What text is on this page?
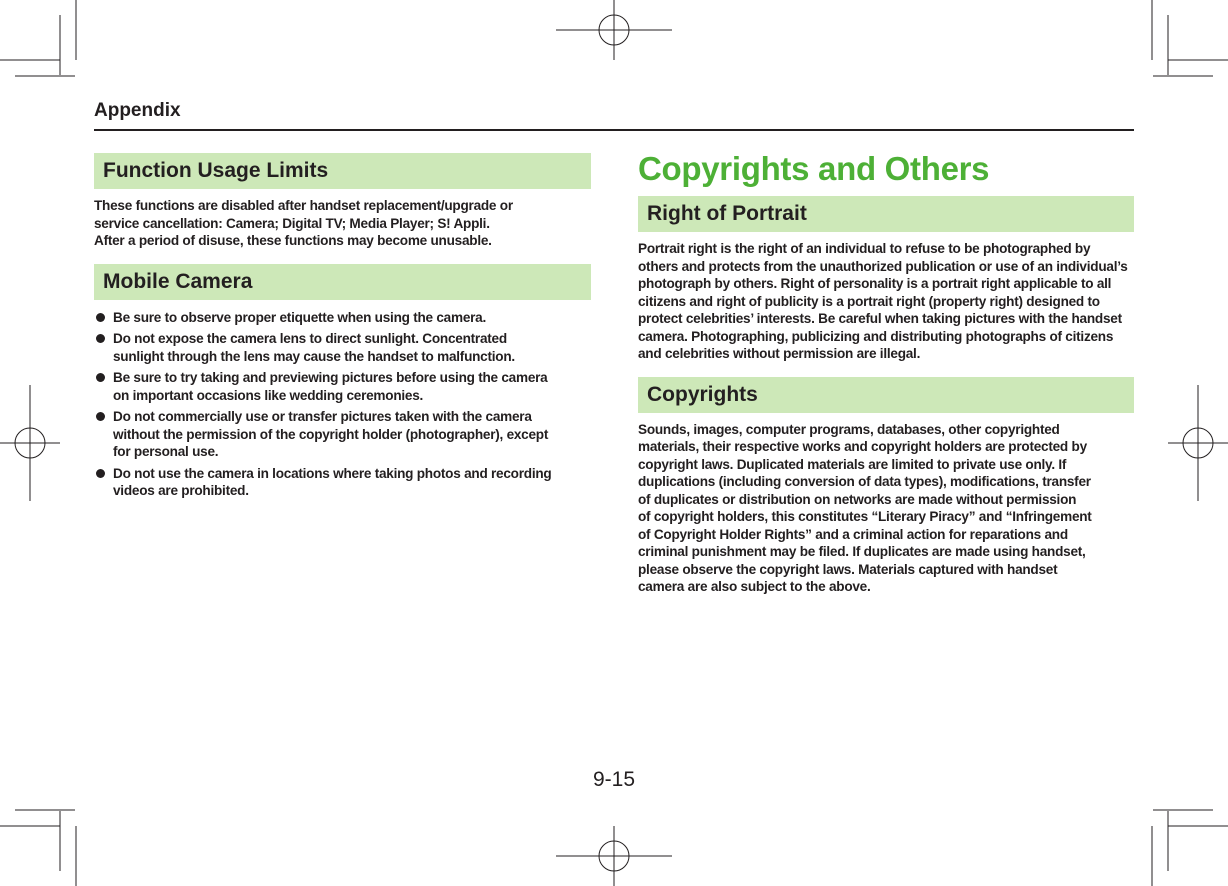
Appendix
Function Usage Limits

These functions are disabled after handset replacement/upgrade or
service cancellation: Camera; Digital TV; Media Player; S! Appli.
After a period of disuse, these functions may become unusable.

Mobile Camera
Be sure to observe proper etiquette when using the camera.
Do not expose the camera lens to direct sunlight. Concentrated
sunlight through the lens may cause the handset to malfunction.
Be sure to try taking and previewing pictures before using the camera
on important occasions like wedding ceremonies.
Do not commercially use or transfer pictures taken with the camera
without the permission of the copyright holder (photographer), except
for personal use.
Do not use the camera in locations where taking photos and recording
videos are prohibited.
Copyrights and Others
Right of Portrait

Portrait right is the right of an individual to refuse to be photographed by
others and protects from the unauthorized publication or use of an individual’s
photograph by others. Right of personality is a portrait right applicable to all
citizens and right of publicity is a portrait right (property right) designed to
protect celebrities’ interests. Be careful when taking pictures with the handset
camera. Photographing, publicizing and distributing photographs of citizens
and celebrities without permission are illegal.

Copyrights

Sounds, images, computer programs, databases, other copyrighted
materials, their respective works and copyright holders are protected by
copyright laws. Duplicated materials are limited to private use only. If
duplications (including conversion of data types), modifications, transfer
of duplicates or distribution on networks are made without permission
of copyright holders, this constitutes “Literary Piracy” and “Infringement
of Copyright Holder Rights” and a criminal action for reparations and
criminal punishment may be filed. If duplicates are made using handset,
please observe the copyright laws. Materials captured with handset
camera are also subject to the above.

9-15
